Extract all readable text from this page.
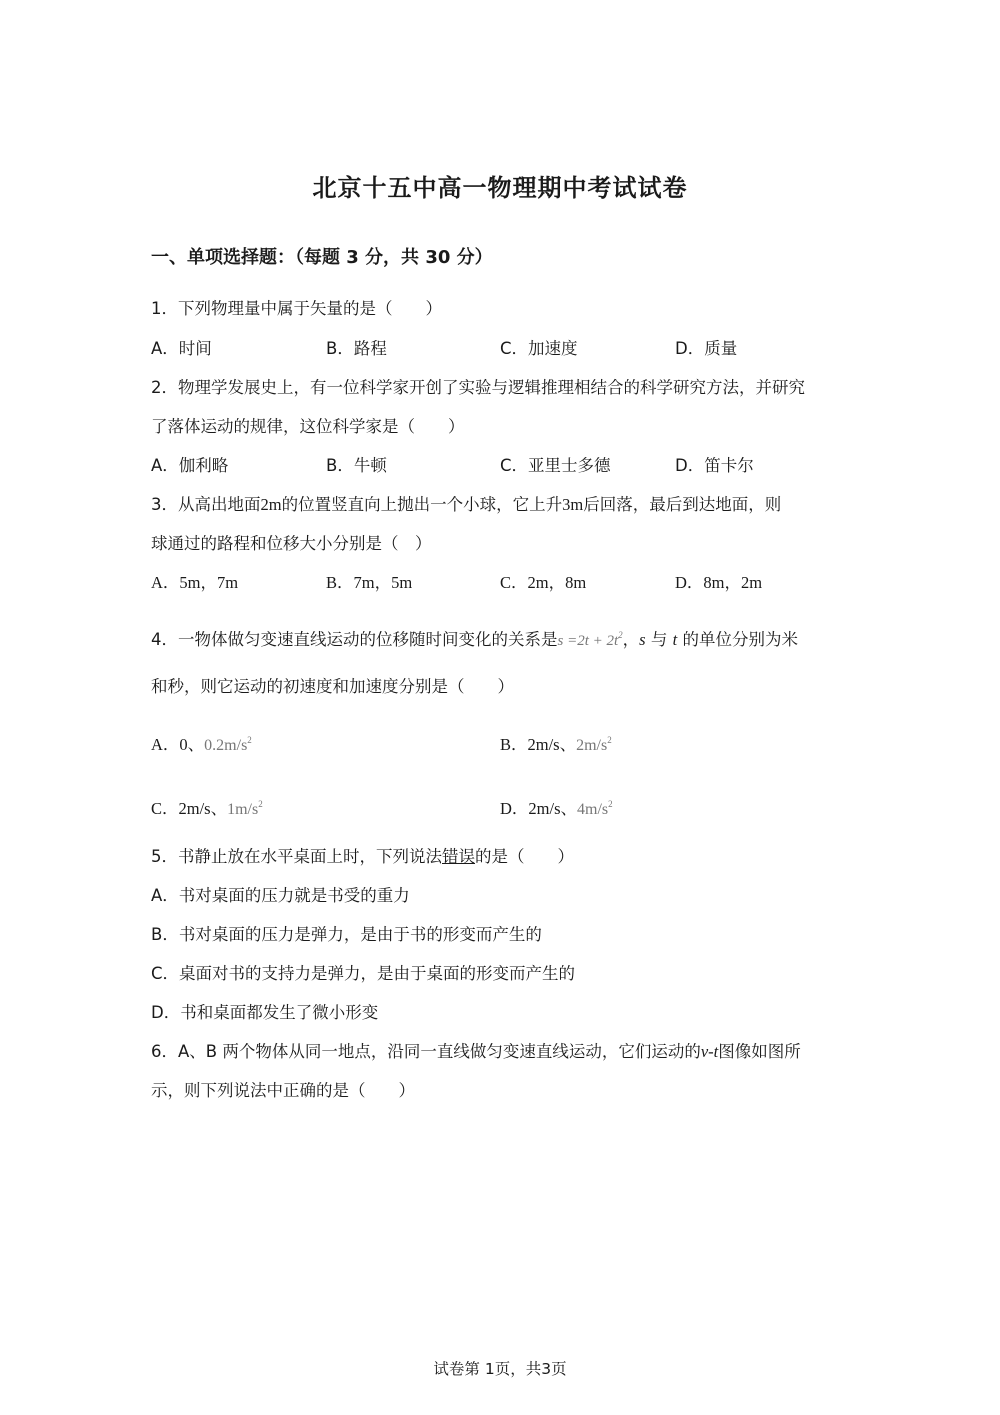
北京十五中高一物理期中考试试卷
一、单项选择题：（每题 3 分，共 30 分）
1．下列物理量中属于矢量的是（　　）
A．时间	B．路程	C．加速度	D．质量
2．物理学发展史上，有一位科学家开创了实验与逻辑推理相结合的科学研究方法，并研究
了落体运动的规律，这位科学家是（　　）
A．伽利略	B．牛顿	C．亚里士多德	D．笛卡尔
3．从高出地面2m的位置竖直向上抛出一个小球，它上升3m后回落，最后到达地面，则
球通过的路程和位移大小分别是（　）
A．5m，7m	B．7m，5m	C．2m，8m	D．8m，2m
4．一物体做匀变速直线运动的位移随时间变化的关系是$s =2t + 2t^2$，s 与 t 的单位分别为米
和秒，则它运动的初速度和加速度分别是（　　）
A．0、$0.2m/s^2$	B．2m/s、$2m/s^2$
C．2m/s、$1m/s^2$	D．2m/s、$4m/s^2$
5．书静止放在水平桌面上时，下列说法错误的是（　　）
A．书对桌面的压力就是书受的重力
B．书对桌面的压力是弹力，是由于书的形变而产生的
C．桌面对书的支持力是弹力，是由于桌面的形变而产生的
D．书和桌面都发生了微小形变
6．A、B 两个物体从同一地点，沿同一直线做匀变速直线运动，它们运动的v-t图像如图所
示，则下列说法中正确的是（　　）
试卷第 1页，共3页
